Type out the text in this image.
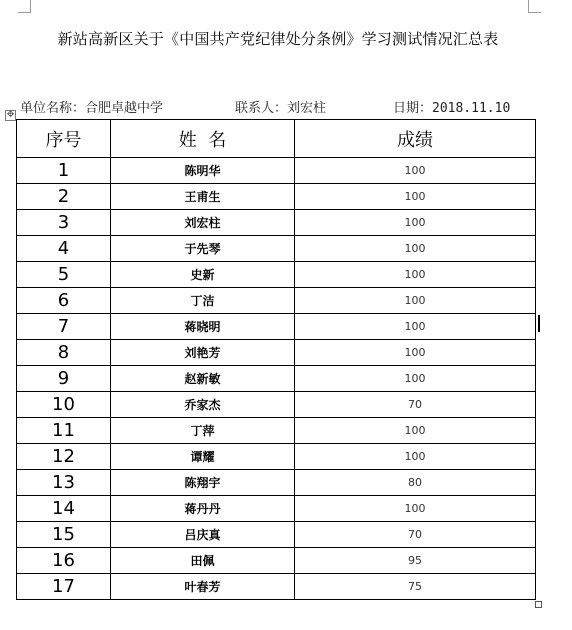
新站高新区关于《中国共产党纪律处分条例》学习测试情况汇总表
单位名称：合肥卓越中学	联系人：刘宏柱	日期：2018.11.10
✥
序号	姓  名	成绩
1	陈明华	100
2	王甫生	100
3	刘宏柱	100
4	于先琴	100
5	史新	100
6	丁洁	100
7	蒋晓明	100
8	刘艳芳	100
9	赵新敏	100
10	乔家杰	70
11	丁萍	100
12	谭耀	100
13	陈翔宇	80
14	蒋丹丹	100
15	吕庆真	70
16	田佩	95
17	叶春芳	75
